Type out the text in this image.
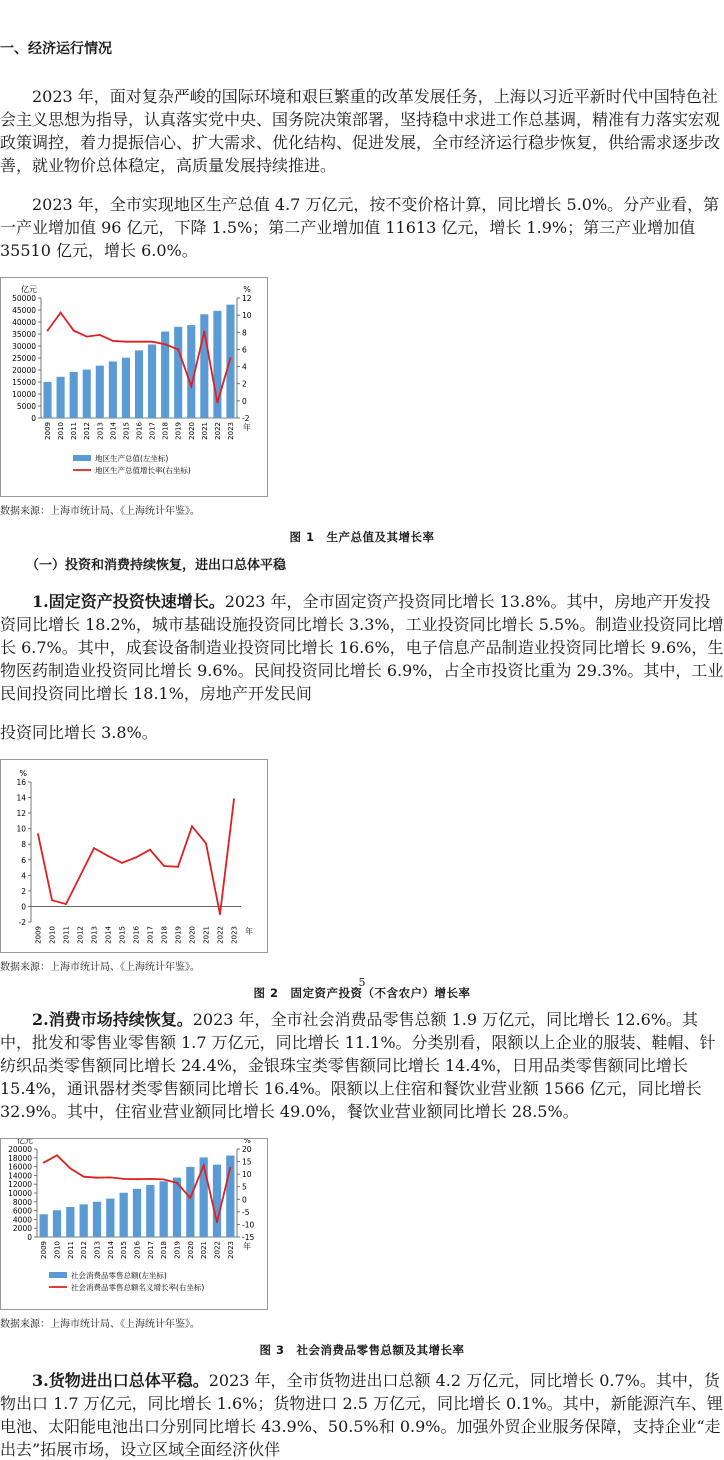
一、经济运行情况

2023 年，面对复杂严峻的国际环境和艰巨繁重的改革发展任务，上海以习近平新时代中国特色社会主义思想为指导，认真落实党中央、国务院决策部署，坚持稳中求进工作总基调，精准有力落实宏观政策调控，着力提振信心、扩大需求、优化结构、促进发展，全市经济运行稳步恢复，供给需求逐步改善，就业物价总体稳定，高质量发展持续推进。

2023 年，全市实现地区生产总值 4.7 万亿元，按不变价格计算，同比增长 5.0%。分产业看，第一产业增加值 96 亿元，下降 1.5%；第二产业增加值 11613 亿元，增长 1.9%；第三产业增加值 35510 亿元，增长 6.0%。

亿元	%
0
5000
10000
15000
20000
25000
30000
35000
40000
45000
50000
-2
0
2
4
6
8
10
12
2009 2010 2011 2012 2013 2014 2015 2016 2017 2018 2019 2020 2021 2022 2023 年
地区生产总值(左坐标)
地区生产总值增长率(右坐标)

数据来源：上海市统计局、《上海统计年鉴》。

图 1　生产总值及其增长率

（一）投资和消费持续恢复，进出口总体平稳

1.固定资产投资快速增长。2023 年，全市固定资产投资同比增长 13.8%。其中，房地产开发投资同比增长 18.2%，城市基础设施投资同比增长 3.3%，工业投资同比增长 5.5%。制造业投资同比增长 6.7%。其中，成套设备制造业投资同比增长 16.6%，电子信息产品制造业投资同比增长 9.6%，生物医药制造业投资同比增长 9.6%。民间投资同比增长 6.9%，占全市投资比重为 29.3%。其中，工业民间投资同比增长 18.1%，房地产开发民间

投资同比增长 3.8%。

%
-2
0
2
4
6
8
10
12
14
16
2009 2010 2011 2012 2013 2014 2015 2016 2017 2018 2019 2020 2021 2022 2023 年

数据来源：上海市统计局、《上海统计年鉴》。

图 2　固定资产投资（不含农户）增长率

2.消费市场持续恢复。2023 年，全市社会消费品零售总额 1.9 万亿元，同比增长 12.6%。其中，批发和零售业零售额 1.7 万亿元，同比增长 11.1%。分类别看，限额以上企业的服装、鞋帽、针纺织品类零售额同比增长 24.4%，金银珠宝类零售额同比增长 14.4%，日用品类零售额同比增长 15.4%，通讯器材类零售额同比增长 16.4%。限额以上住宿和餐饮业营业额 1566 亿元，同比增长 32.9%。其中，住宿业营业额同比增长 49.0%，餐饮业营业额同比增长 28.5%。

亿元	%
0
2000
4000
6000
8000
10000
12000
14000
16000
18000
20000
-15
-10
-5
0
5
10
15
20
2009 2010 2011 2012 2013 2014 2015 2016 2017 2018 2019 2020 2021 2022 2023 年
社会消费品零售总额(左坐标)
社会消费品零售总额名义增长率(右坐标)

数据来源：上海市统计局、《上海统计年鉴》。

图 3　社会消费品零售总额及其增长率

3.货物进出口总体平稳。2023 年，全市货物进出口总额 4.2 万亿元，同比增长 0.7%。其中，货物出口 1.7 万亿元，同比增长 1.6%；货物进口 2.5 万亿元，同比增长 0.1%。其中，新能源汽车、锂电池、太阳能电池出口分别同比增长 43.9%、50.5%和 0.9%。加强外贸企业服务保障，支持企业“走出去”拓展市场，设立区域全面经济伙伴

5
